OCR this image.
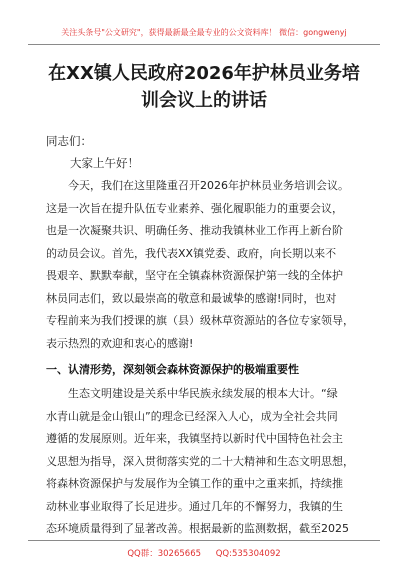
关注头条号"公文研究"，获得最新最全最专业的公文资料库！ 微信：gongwenyj
在XX镇人民政府2026年护林员业务培
训会议上的讲话
同志们：
大家上午好！
今天，我们在这里隆重召开2026年护林员业务培训会议。
这是一次旨在提升队伍专业素养、强化履职能力的重要会议，
也是一次凝聚共识、明确任务、推动我镇林业工作再上新台阶
的动员会议。首先，我代表XX镇党委、政府，向长期以来不
畏艰辛、默默奉献，坚守在全镇森林资源保护第一线的全体护
林员同志们，致以最崇高的敬意和最诚挚的感谢!同时，也对
专程前来为我们授课的旗（县）级林草资源站的各位专家领导，
表示热烈的欢迎和衷心的感谢!
一、认清形势，深刻领会森林资源保护的极端重要性
生态文明建设是关系中华民族永续发展的根本大计。“绿
水青山就是金山银山”的理念已经深入人心，成为全社会共同
遵循的发展原则。近年来，我镇坚持以新时代中国特色社会主
义思想为指导，深入贯彻落实党的二十大精神和生态文明思想，
将森林资源保护与发展作为全镇工作的重中之重来抓，持续推
动林业事业取得了长足进步。通过几年的不懈努力，我镇的生
态环境质量得到了显著改善。根据最新的监测数据，截至2025
QQ群：30265665 QQ:535304092
